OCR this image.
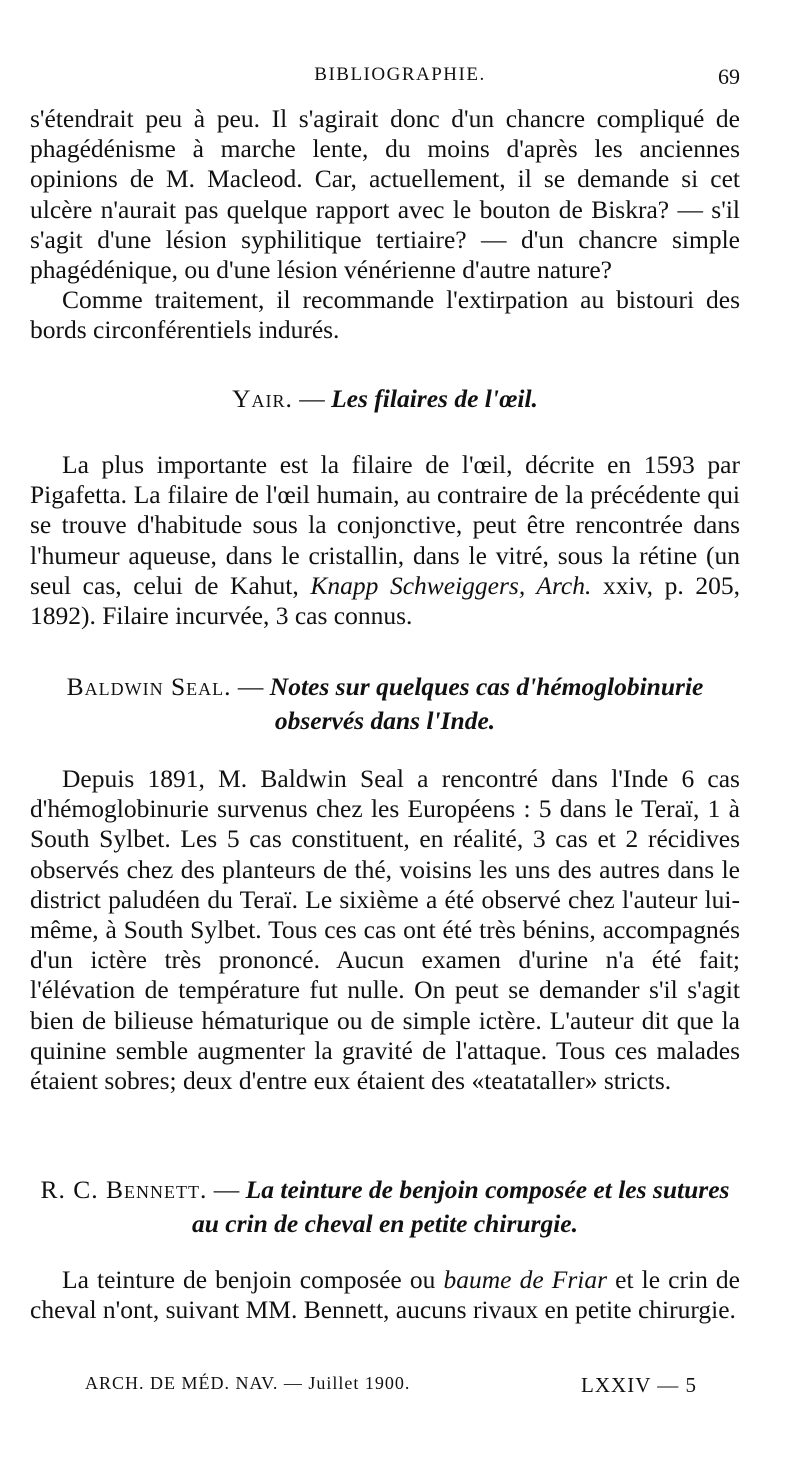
BIBLIOGRAPHIE.	69

s'étendrait peu à peu. Il s'agirait donc d'un chancre compliqué de phagédénisme à marche lente, du moins d'après les anciennes opinions de M. Macleod. Car, actuellement, il se demande si cet ulcère n'aurait pas quelque rapport avec le bouton de Biskra? — s'il s'agit d'une lésion syphilitique tertiaire? — d'un chancre simple phagédénique, ou d'une lésion vénérienne d'autre nature?

Comme traitement, il recommande l'extirpation au bistouri des bords circonférentiels indurés.

Yair. — Les filaires de l'œil.

La plus importante est la filaire de l'œil, décrite en 1593 par Pigafetta. La filaire de l'œil humain, au contraire de la précédente qui se trouve d'habitude sous la conjonctive, peut être rencontrée dans l'humeur aqueuse, dans le cristallin, dans le vitré, sous la rétine (un seul cas, celui de Kahut, Knapp Schweiggers, Arch. xxiv, p. 205, 1892). Filaire incurvée, 3 cas connus.

Baldwin Seal. — Notes sur quelques cas d'hémoglobinurie observés dans l'Inde.

Depuis 1891, M. Baldwin Seal a rencontré dans l'Inde 6 cas d'hémoglobinurie survenus chez les Européens : 5 dans le Teraï, 1 à South Sylbet. Les 5 cas constituent, en réalité, 3 cas et 2 récidives observés chez des planteurs de thé, voisins les uns des autres dans le district paludéen du Teraï. Le sixième a été observé chez l'auteur lui-même, à South Sylbet. Tous ces cas ont été très bénins, accompagnés d'un ictère très prononcé. Aucun examen d'urine n'a été fait; l'élévation de température fut nulle. On peut se demander s'il s'agit bien de bilieuse hématurique ou de simple ictère. L'auteur dit que la quinine semble augmenter la gravité de l'attaque. Tous ces malades étaient sobres; deux d'entre eux étaient des «teatataller» stricts.

R. C. Bennett. — La teinture de benjoin composée et les sutures au crin de cheval en petite chirurgie.

La teinture de benjoin composée ou baume de Friar et le crin de cheval n'ont, suivant MM. Bennett, aucuns rivaux en petite chirurgie.

ARCH. DE MÉD. NAV. — Juillet 1900.	LXXIV — 5
